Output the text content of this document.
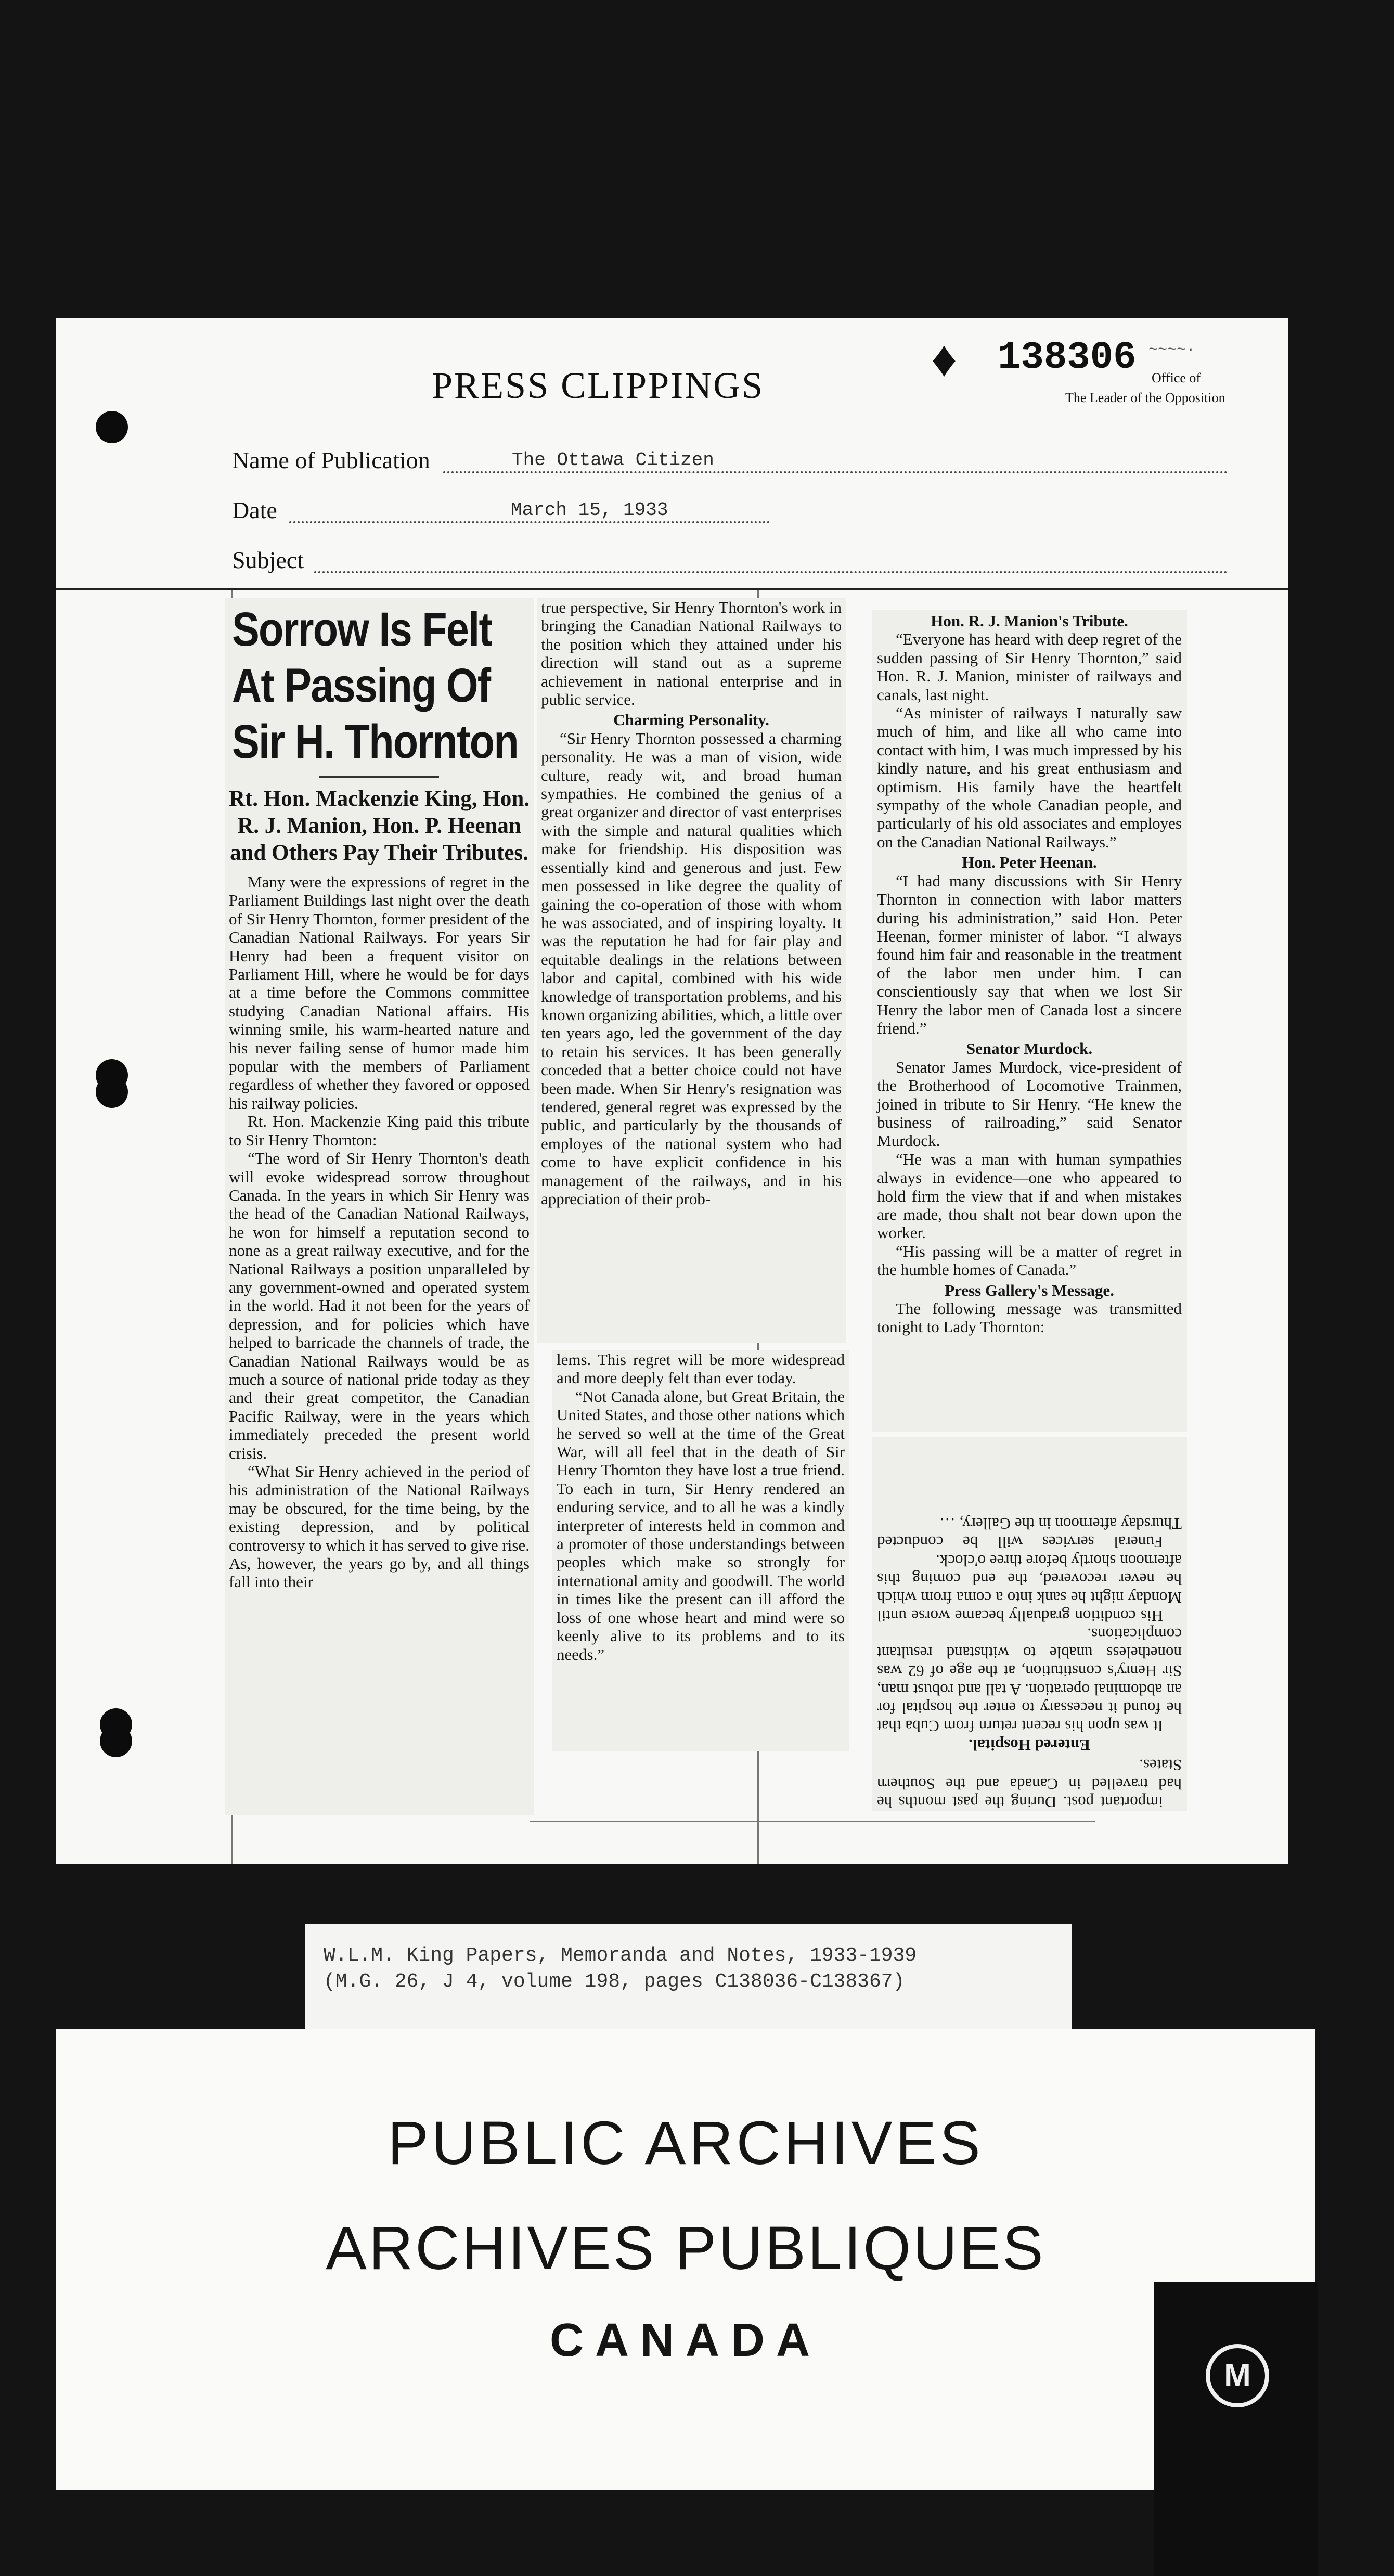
PRESS CLIPPINGS	♦ 138306 ~~~~·
Office of
The Leader of the Opposition
Name of Publication	The Ottawa Citizen
Date	March 15, 1933
Subject
Sorrow Is Felt
At Passing Of
Sir H. Thornton
Rt. Hon. Mackenzie King, Hon. R. J. Manion, Hon. P. Heenan and Others Pay Their Tributes.

Many were the expressions of regret in the Parliament Buildings last night over the death of Sir Henry Thornton, former president of the Canadian National Railways. For years Sir Henry had been a frequent visitor on Parliament Hill, where he would be for days at a time before the Commons committee studying Canadian National affairs. His winning smile, his warm-hearted nature and his never failing sense of humor made him popular with the members of Parliament regardless of whether they favored or opposed his railway policies.

Rt. Hon. Mackenzie King paid this tribute to Sir Henry Thornton:

“The word of Sir Henry Thornton's death will evoke widespread sorrow throughout Canada. In the years in which Sir Henry was the head of the Canadian National Railways, he won for himself a reputation second to none as a great railway executive, and for the National Railways a position unparalleled by any government-owned and operated system in the world. Had it not been for the years of depression, and for policies which have helped to barricade the channels of trade, the Canadian National Railways would be as much a source of national pride today as they and their great competitor, the Canadian Pacific Railway, were in the years which immediately preceded the present world crisis.

“What Sir Henry achieved in the period of his administration of the National Railways may be obscured, for the time being, by the existing depression, and by political controversy to which it has served to give rise. As, however, the years go by, and all things fall into their

true perspective, Sir Henry Thornton's work in bringing the Canadian National Railways to the position which they attained under his direction will stand out as a supreme achievement in national enterprise and in public service.

Charming Personality.

“Sir Henry Thornton possessed a charming personality. He was a man of vision, wide culture, ready wit, and broad human sympathies. He combined the genius of a great organizer and director of vast enterprises with the simple and natural qualities which make for friendship. His disposition was essentially kind and generous and just. Few men possessed in like degree the quality of gaining the co-operation of those with whom he was associated, and of inspiring loyalty. It was the reputation he had for fair play and equitable dealings in the relations between labor and capital, combined with his wide knowledge of transportation problems, and his known organizing abilities, which, a little over ten years ago, led the government of the day to retain his services. It has been generally conceded that a better choice could not have been made. When Sir Henry's resignation was tendered, general regret was expressed by the public, and particularly by the thousands of employes of the national system who had come to have explicit confidence in his management of the railways, and in his appreciation of their prob-

lems. This regret will be more widespread and more deeply felt than ever today.

“Not Canada alone, but Great Britain, the United States, and those other nations which he served so well at the time of the Great War, will all feel that in the death of Sir Henry Thornton they have lost a true friend. To each in turn, Sir Henry rendered an enduring service, and to all he was a kindly interpreter of interests held in common and a promoter of those understandings between peoples which make so strongly for international amity and goodwill. The world in times like the present can ill afford the loss of one whose heart and mind were so keenly alive to its problems and to its needs.”

Hon. R. J. Manion's Tribute.

“Everyone has heard with deep regret of the sudden passing of Sir Henry Thornton,” said Hon. R. J. Manion, minister of railways and canals, last night.

“As minister of railways I naturally saw much of him, and like all who came into contact with him, I was much impressed by his kindly nature, and his great enthusiasm and optimism. His family have the heartfelt sympathy of the whole Canadian people, and particularly of his old associates and employes on the Canadian National Railways.”

Hon. Peter Heenan.

“I had many discussions with Sir Henry Thornton in connection with labor matters during his administration,” said Hon. Peter Heenan, former minister of labor. “I always found him fair and reasonable in the treatment of the labor men under him. I can conscientiously say that when we lost Sir Henry the labor men of Canada lost a sincere friend.”

Senator Murdock.

Senator James Murdock, vice-president of the Brotherhood of Locomotive Trainmen, joined in tribute to Sir Henry. “He knew the business of railroading,” said Senator Murdock.

“He was a man with human sympathies always in evidence—one who appeared to hold firm the view that if and when mistakes are made, thou shalt not bear down upon the worker.

“His passing will be a matter of regret in the humble homes of Canada.”

Press Gallery's Message.

The following message was transmitted tonight to Lady Thornton:

important post. During the past months he had travelled in Canada and the Southern States.

Entered Hospital.

It was upon his recent return from Cuba that he found it necessary to enter the hospital for an abdominal operation. A tall and robust man, Sir Henry's constitution, at the age of 62 was nonetheless unable to withstand resultant complications.

His condition gradually became worse until Monday night he sank into a coma from which he never recovered, the end coming this afternoon shortly before three o'clock.

Funeral services will be conducted Thursday afternoon in the Gallery, …

W.L.M. King Papers, Memoranda and Notes, 1933-1939
(M.G. 26, J 4, volume 198, pages C138036-C138367)
PUBLIC ARCHIVES
ARCHIVES PUBLIQUES
CANADA
M
